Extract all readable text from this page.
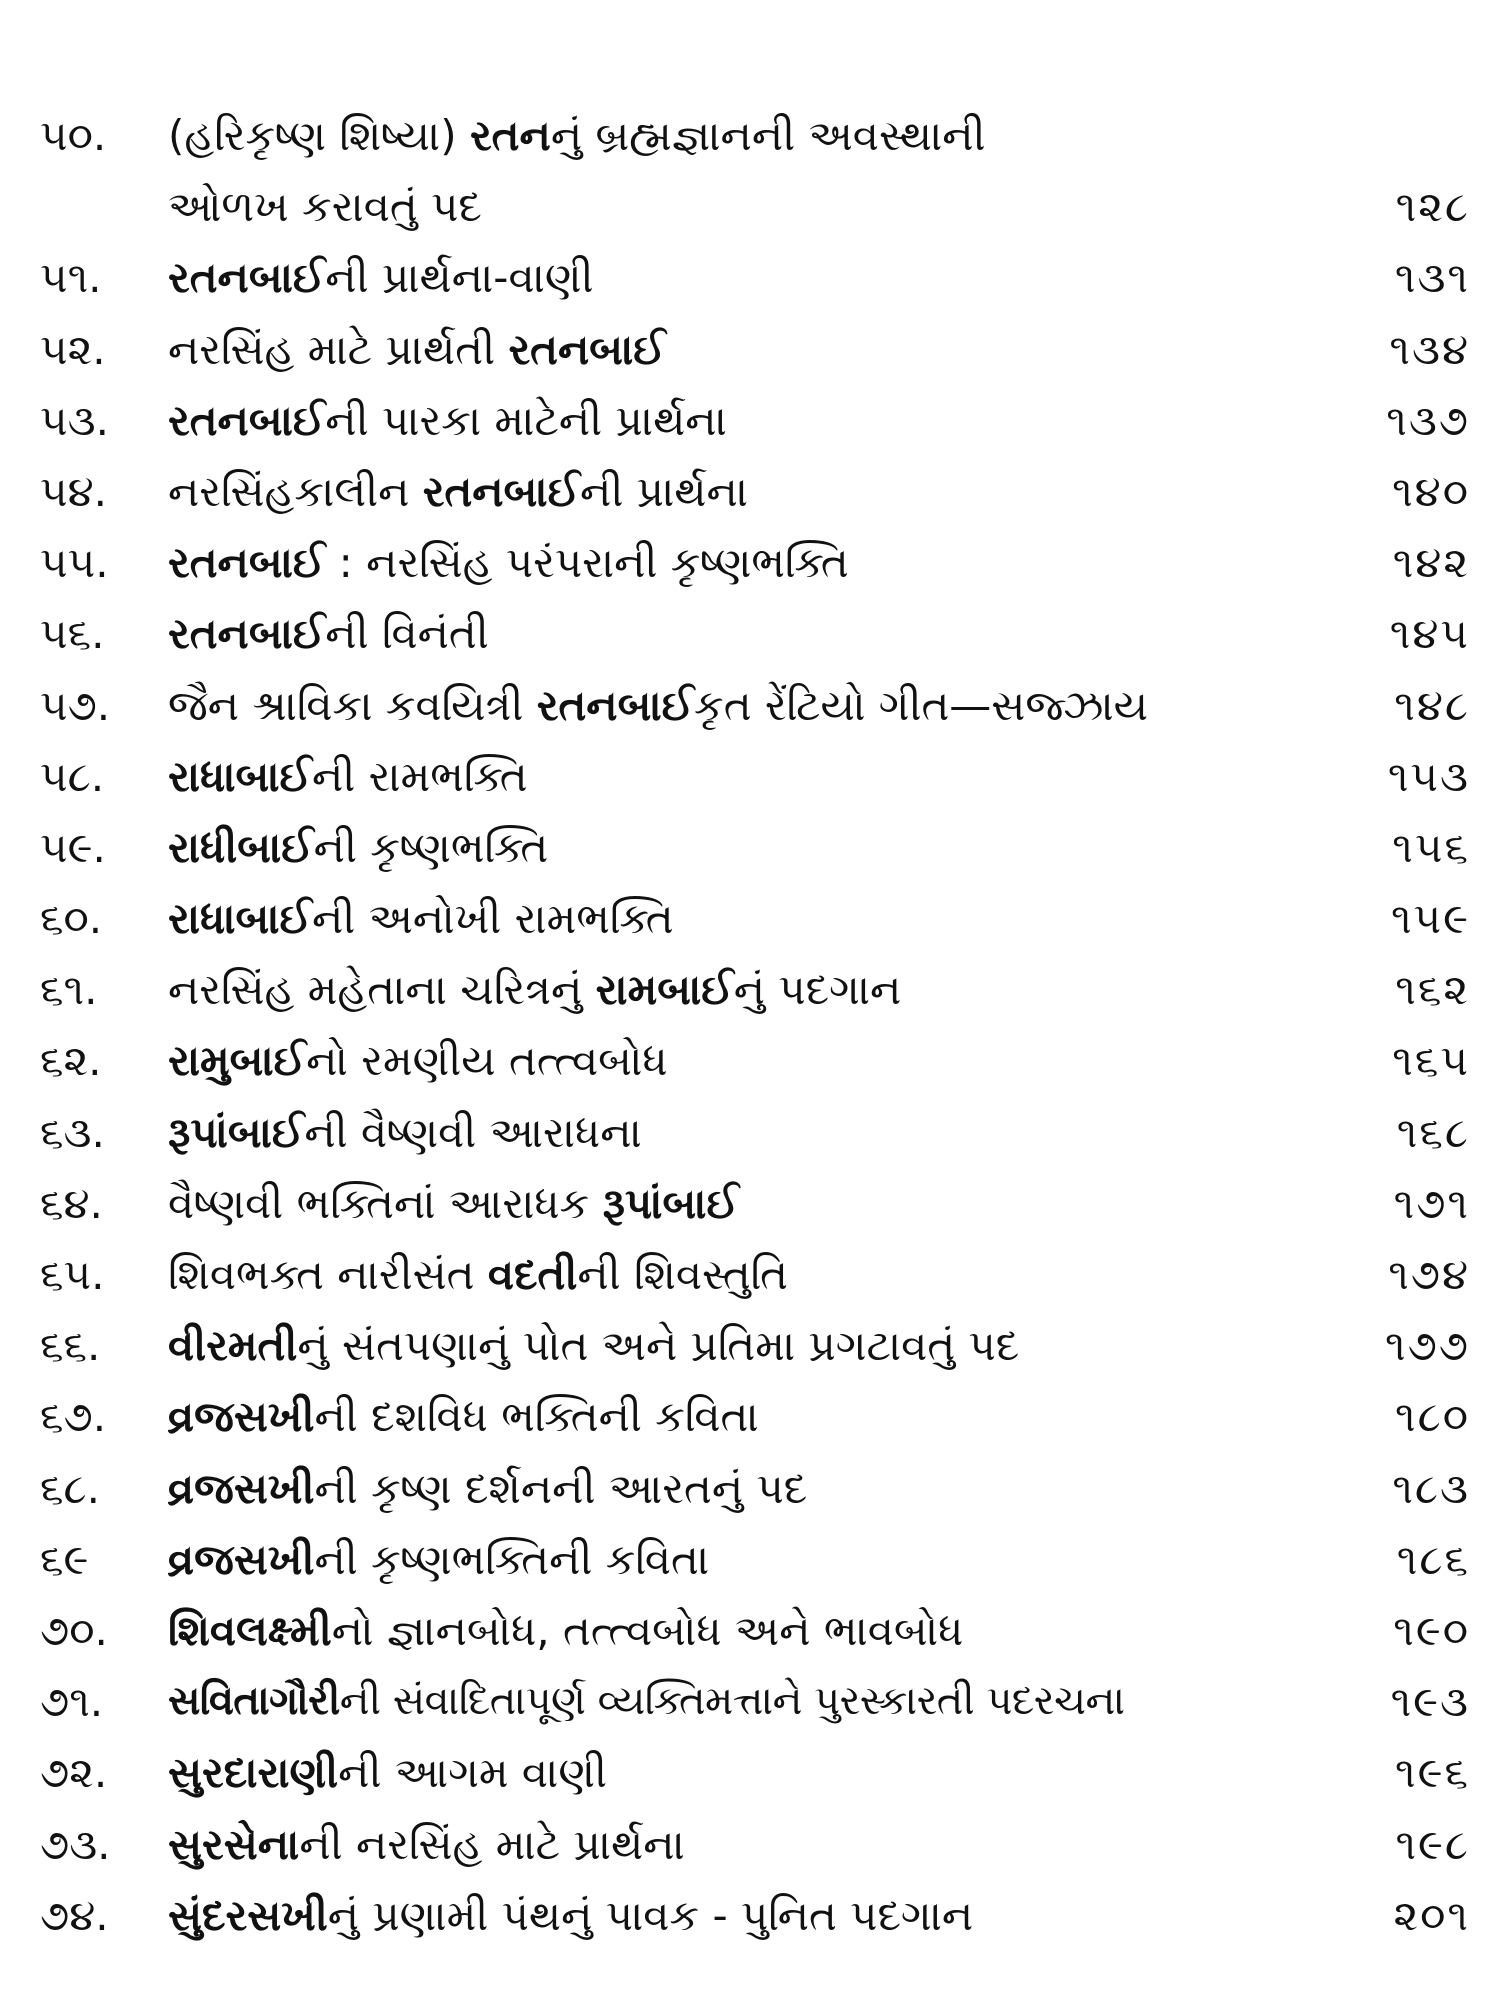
૫૦.	(હરિકૃષ્ણ શિષ્યા) રતનનું બ્રહ્મજ્ઞાનની અવસ્થાની
ઓળખ કરાવતું પદ	૧૨૮
૫૧.	રતનબાઈની પ્રાર્થના-વાણી	૧૩૧
૫૨.	નરસિંહ માટે પ્રાર્થતી રતનબાઈ	૧૩૪
૫૩.	રતનબાઈની પારકા માટેની પ્રાર્થના	૧૩૭
૫૪.	નરસિંહકાલીન રતનબાઈની પ્રાર્થના	૧૪૦
૫૫.	રતનબાઈ : નરસિંહ પરંપરાની કૃષ્ણભક્તિ	૧૪૨
૫૬.	રતનબાઈની વિનંતી	૧૪૫
૫૭.	જૈન શ્રાવિકા કવયિત્રી રતનબાઈકૃત રેંટિયો ગીત—સજ્ઝાય	૧૪૮
૫૮.	રાધાબાઈની રામભક્તિ	૧૫૩
૫૯.	રાધીબાઈની કૃષ્ણભક્તિ	૧૫૬
૬૦.	રાધાબાઈની અનોખી રામભક્તિ	૧૫૯
૬૧.	નરસિંહ મહેતાના ચરિત્રનું રામબાઈનું પદગાન	૧૬૨
૬૨.	રામુબાઈનો રમણીય તત્ત્વબોધ	૧૬૫
૬૩.	રૂપાંબાઈની વૈષ્ણવી આરાધના	૧૬૮
૬૪.	વૈષ્ણવી ભક્તિનાં આરાધક રૂપાંબાઈ	૧૭૧
૬૫.	શિવભક્ત નારીસંત વદતીની શિવસ્તુતિ	૧૭૪
૬૬.	વીરમતીનું સંતપણાનું પોત અને પ્રતિમા પ્રગટાવતું પદ	૧૭૭
૬૭.	વ્રજસખીની દશવિધ ભક્તિની કવિતા	૧૮૦
૬૮.	વ્રજસખીની કૃષ્ણ દર્શનની આરતનું પદ	૧૮૩
૬૯	વ્રજસખીની કૃષ્ણભક્તિની કવિતા	૧૮૬
૭૦.	શિવલક્ષ્મીનો જ્ઞાનબોધ, તત્ત્વબોધ અને ભાવબોધ	૧૯૦
૭૧.	સવિતાગૌરીની સંવાદિતાપૂર્ણ વ્યક્તિમત્તાને પુરસ્કારતી પદરચના	૧૯૩
૭૨.	સુરદારાણીની આગમ વાણી	૧૯૬
૭૩.	સુરસેનાની નરસિંહ માટે પ્રાર્થના	૧૯૮
૭૪.	સુંદરસખીનું પ્રણામી પંથનું પાવક - પુનિત પદગાન	૨૦૧
